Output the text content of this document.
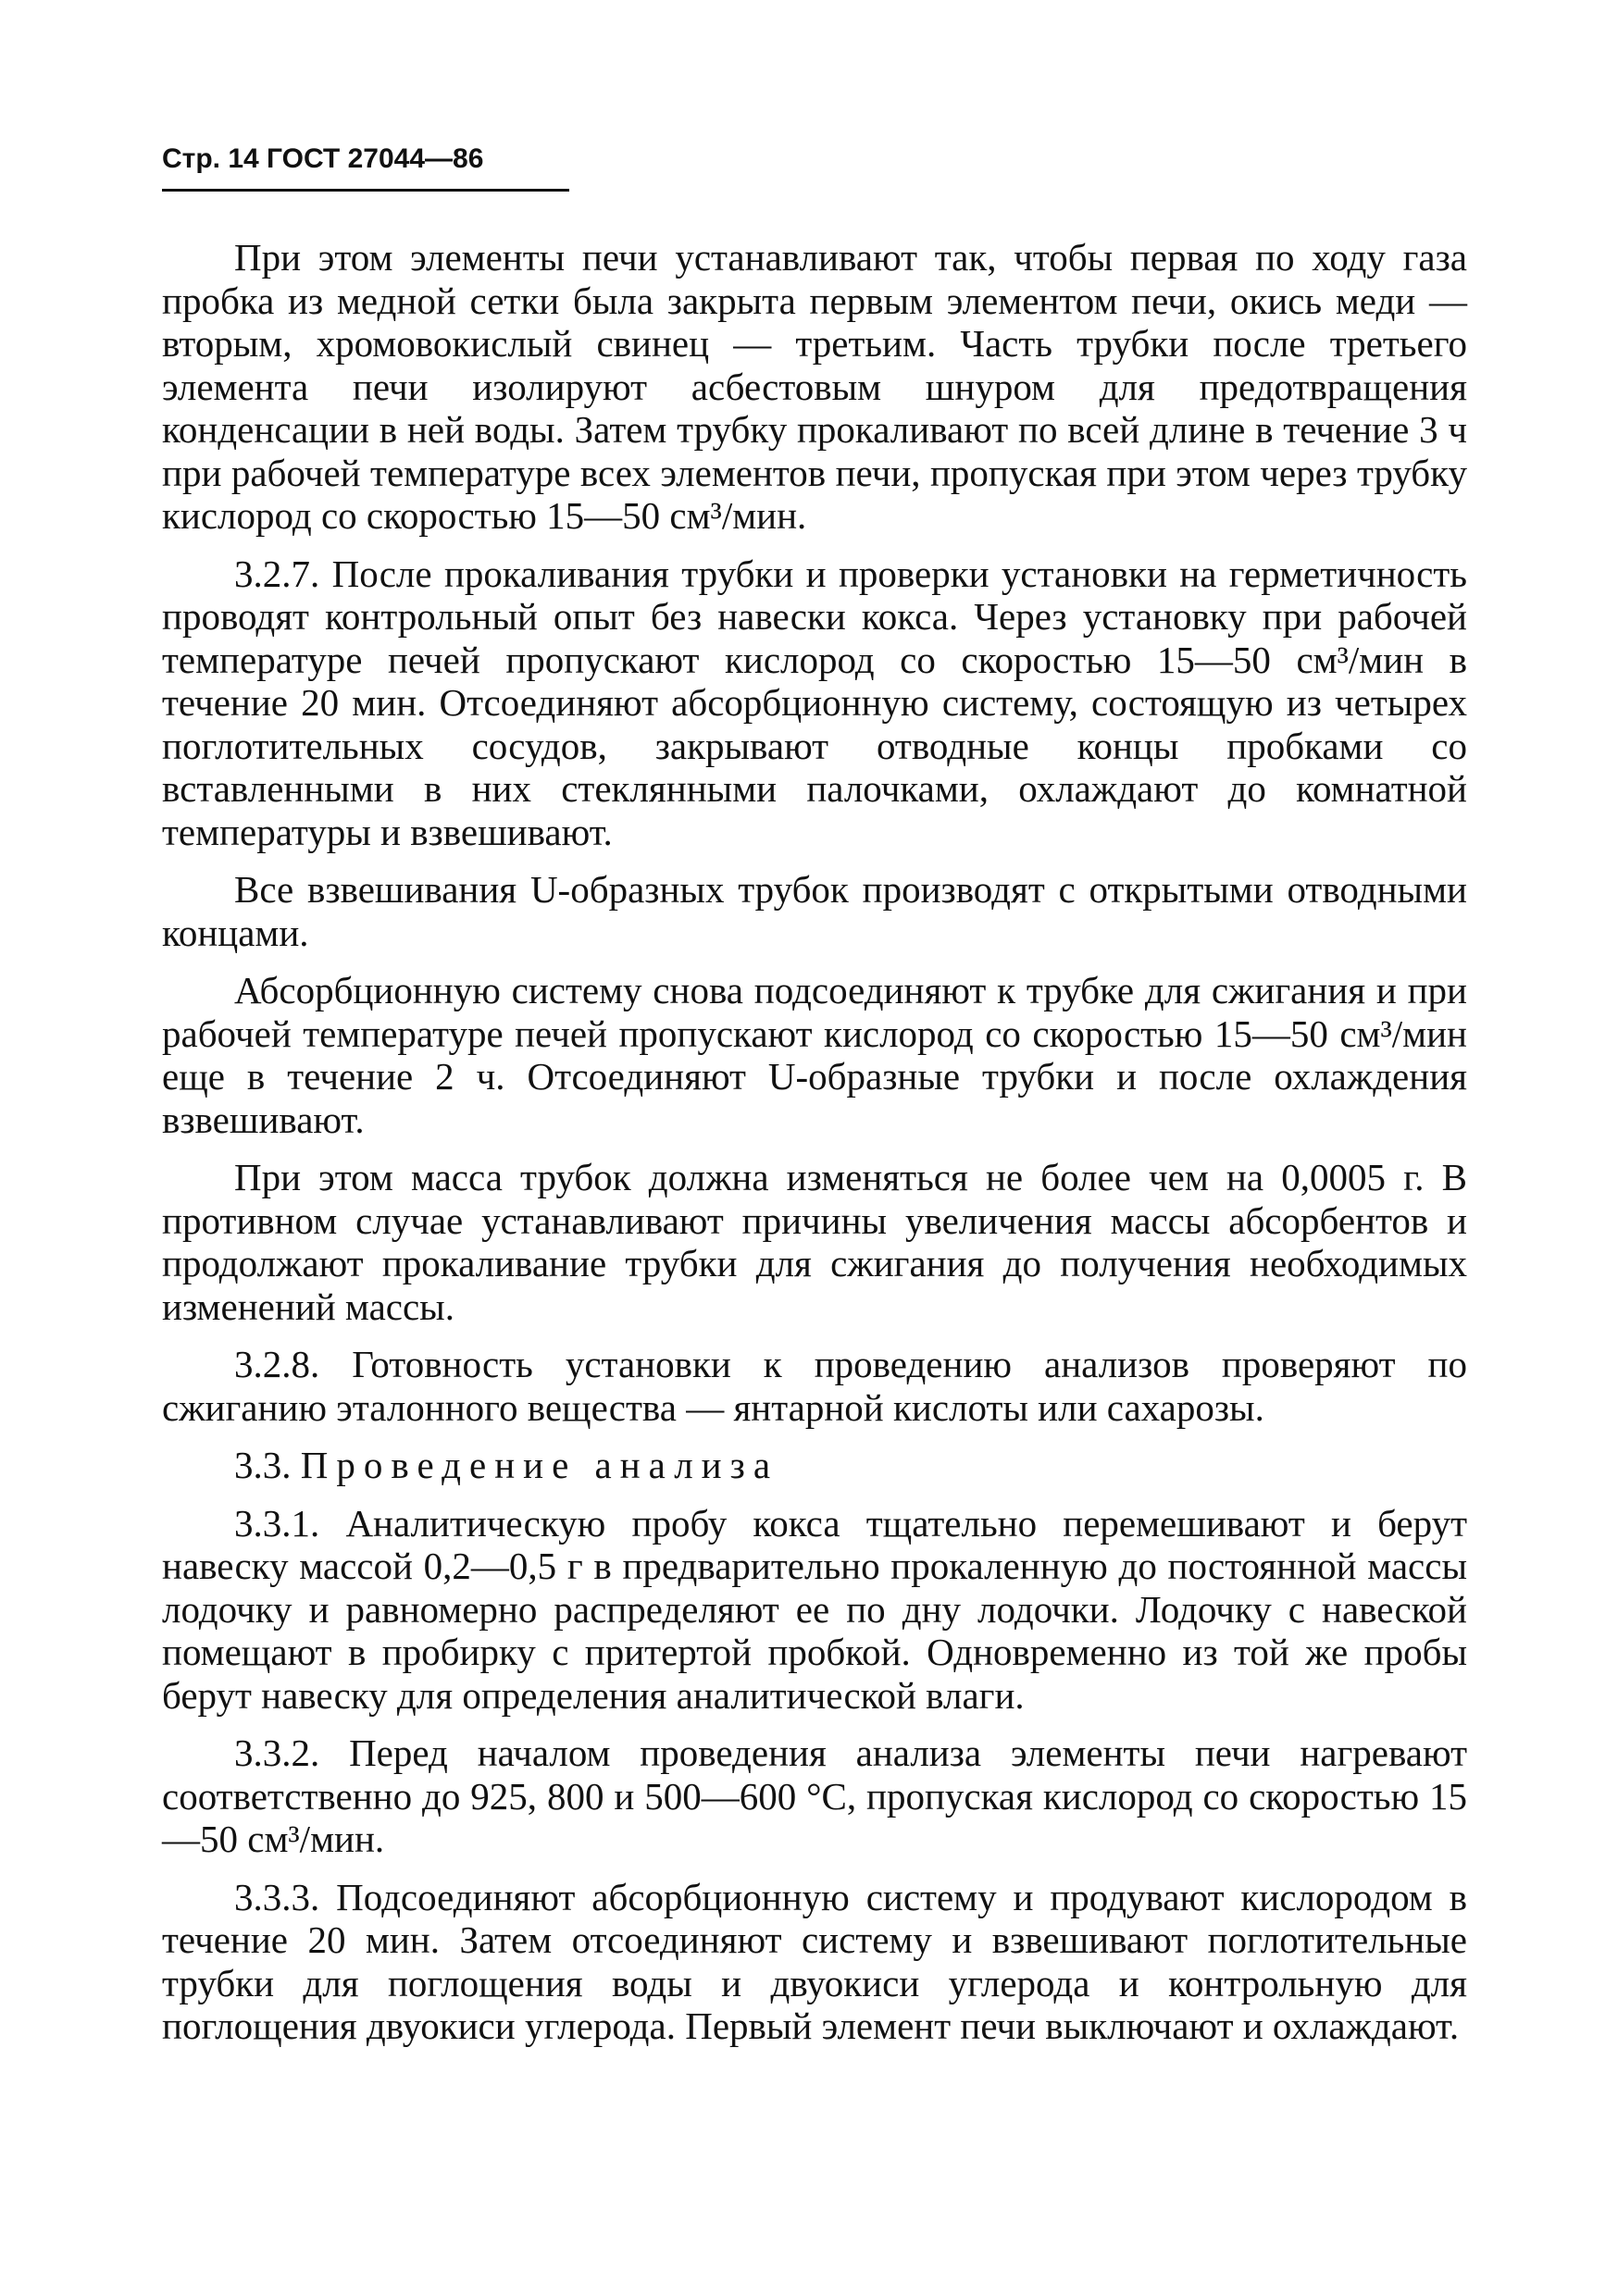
Стр. 14 ГОСТ 27044—86

При этом элементы печи устанавливают так, чтобы первая по ходу газа пробка из медной сетки была закрыта первым элементом печи, окись меди — вторым, хромовокислый свинец — третьим. Часть трубки после третьего элемента печи изолируют асбестовым шнуром для предотвращения конденсации в ней воды. Затем трубку прокаливают по всей длине в течение 3 ч при рабочей температуре всех элементов печи, пропуская при этом через трубку кислород со скоростью 15—50 см³/мин.

3.2.7. После прокаливания трубки и проверки установки на герметичность проводят контрольный опыт без навески кокса. Через установку при рабочей температуре печей пропускают кислород со скоростью 15—50 см³/мин в течение 20 мин. Отсоединяют абсорбционную систему, состоящую из четырех поглотительных сосудов, закрывают отводные концы пробками со вставленными в них стеклянными палочками, охлаждают до комнатной температуры и взвешивают.

Все взвешивания U-образных трубок производят с открытыми отводными концами.

Абсорбционную систему снова подсоединяют к трубке для сжигания и при рабочей температуре печей пропускают кислород со скоростью 15—50 см³/мин еще в течение 2 ч. Отсоединяют U-образные трубки и после охлаждения взвешивают.

При этом масса трубок должна изменяться не более чем на 0,0005 г. В противном случае устанавливают причины увеличения массы абсорбентов и продолжают прокаливание трубки для сжигания до получения необходимых изменений массы.

3.2.8. Готовность установки к проведению анализов проверяют по сжиганию эталонного вещества — янтарной кислоты или сахарозы.

3.3. Проведение анализа

3.3.1. Аналитическую пробу кокса тщательно перемешивают и берут навеску массой 0,2—0,5 г в предварительно прокаленную до постоянной массы лодочку и равномерно распределяют ее по дну лодочки. Лодочку с навеской помещают в пробирку с притертой пробкой. Одновременно из той же пробы берут навеску для определения аналитической влаги.

3.3.2. Перед началом проведения анализа элементы печи нагревают соответственно до 925, 800 и 500—600 °С, пропуская кислород со скоростью 15—50 см³/мин.

3.3.3. Подсоединяют абсорбционную систему и продувают кислородом в течение 20 мин. Затем отсоединяют систему и взвешивают поглотительные трубки для поглощения воды и двуокиси углерода и контрольную для поглощения двуокиси углерода. Первый элемент печи выключают и охлаждают.
